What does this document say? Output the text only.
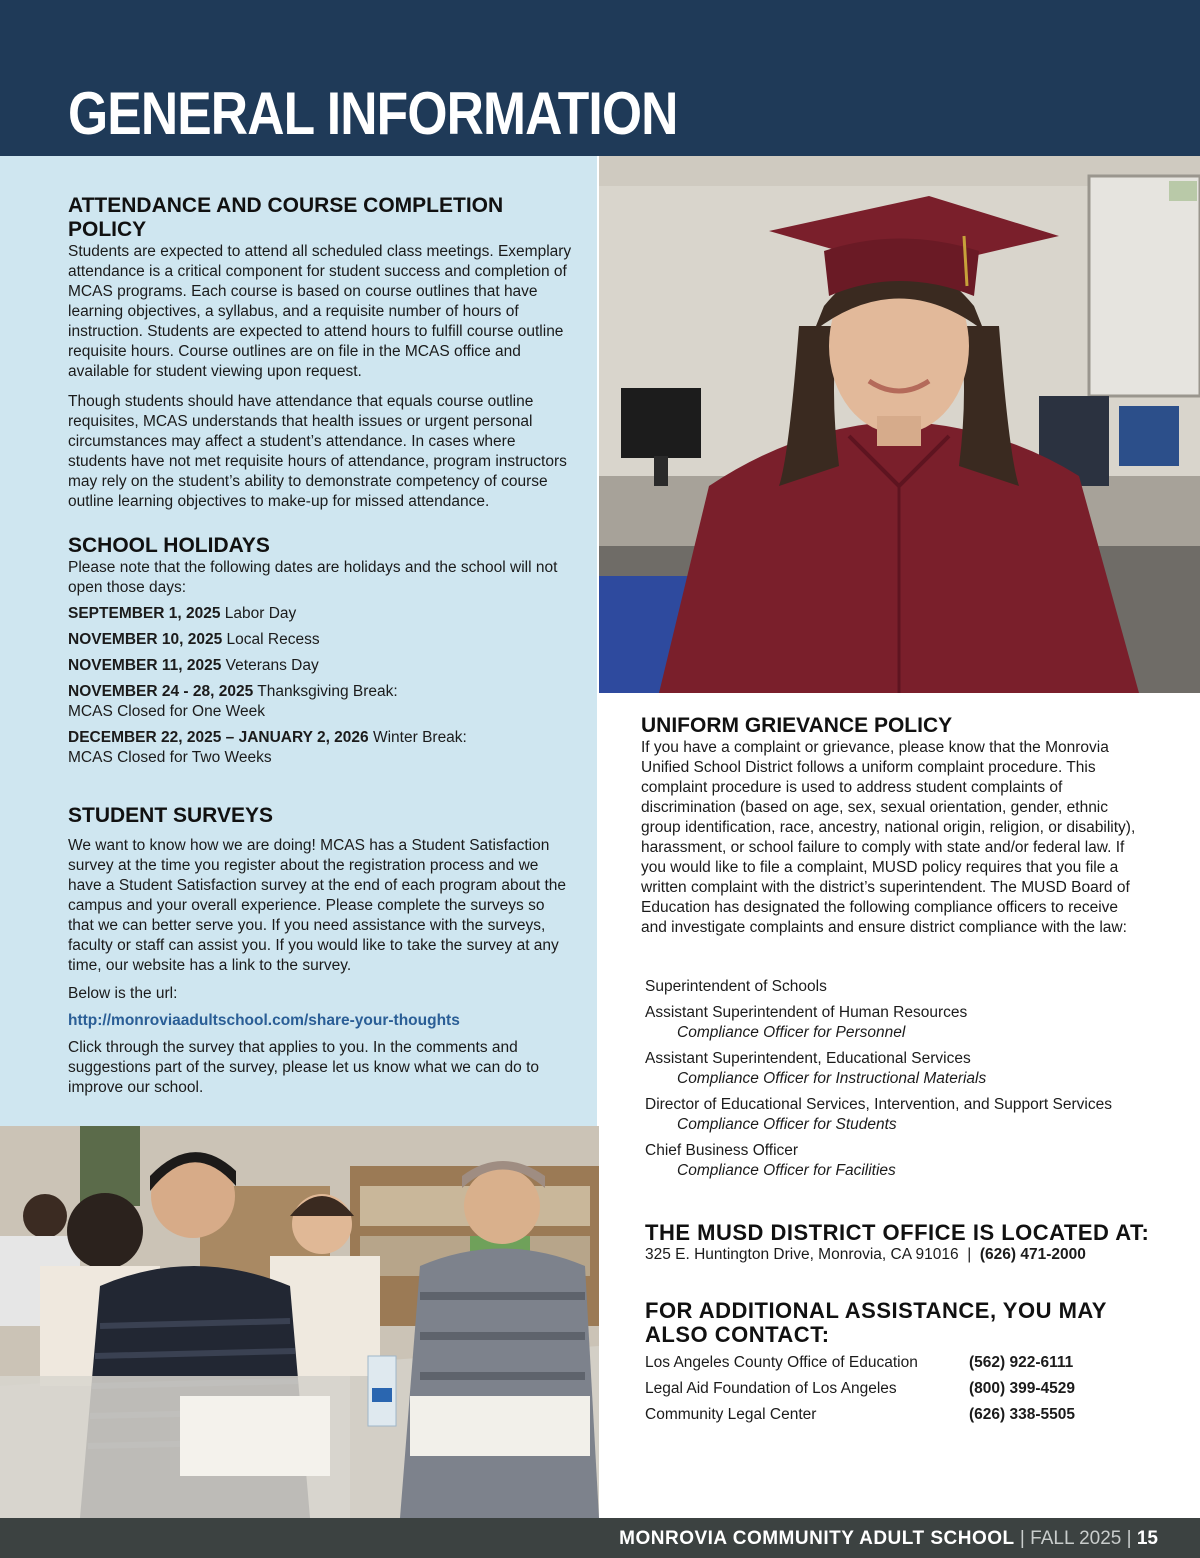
GENERAL INFORMATION
ATTENDANCE AND COURSE COMPLETION POLICY

Students are expected to attend all scheduled class meetings. Exemplary attendance is a critical component for student success and completion of MCAS programs. Each course is based on course outlines that have learning objectives, a syllabus, and a requisite number of hours of instruction. Students are expected to attend hours to fulfill course outline requisite hours. Course outlines are on file in the MCAS office and available for student viewing upon request.

Though students should have attendance that equals course outline requisites, MCAS understands that health issues or urgent personal circumstances may affect a student’s attendance. In cases where students have not met requisite hours of attendance, program instructors may rely on the student’s ability to demonstrate competency of course outline learning objectives to make-up for missed attendance.

SCHOOL HOLIDAYS

Please note that the following dates are holidays and the school will not open those days:

SEPTEMBER 1, 2025 Labor Day
NOVEMBER 10, 2025 Local Recess
NOVEMBER 11, 2025 Veterans Day
NOVEMBER 24 - 28, 2025 Thanksgiving Break:
MCAS Closed for One Week
DECEMBER 22, 2025 – JANUARY 2, 2026 Winter Break:
MCAS Closed for Two Weeks
STUDENT SURVEYS

We want to know how we are doing! MCAS has a Student Satisfaction survey at the time you register about the registration process and we have a Student Satisfaction survey at the end of each program about the campus and your overall experience. Please complete the surveys so that we can better serve you. If you need assistance with the surveys, faculty or staff can assist you. If you would like to take the survey at any time, our website has a link to the survey.

Below is the url:

http://monroviaadultschool.com/share-your-thoughts

Click through the survey that applies to you. In the comments and suggestions part of the survey, please let us know what we can do to improve our school.

UNIFORM GRIEVANCE POLICY

If you have a complaint or grievance, please know that the Monrovia Unified School District follows a uniform complaint procedure. This complaint procedure is used to address student complaints of discrimination (based on age, sex, sexual orientation, gender, ethnic group identification, race, ancestry, national origin, religion, or disability), harassment, or school failure to comply with state and/or federal law. If you would like to file a complaint, MUSD policy requires that you file a written complaint with the district’s superintendent. The MUSD Board of Education has designated the following compliance officers to receive and investigate complaints and ensure district compliance with the law:

Superintendent of Schools
Assistant Superintendent of Human Resources
Compliance Officer for Personnel
Assistant Superintendent, Educational Services
Compliance Officer for Instructional Materials
Director of Educational Services, Intervention, and Support Services
Compliance Officer for Students
Chief Business Officer
Compliance Officer for Facilities
THE MUSD DISTRICT OFFICE IS LOCATED AT:
325 E. Huntington Drive, Monrovia, CA 91016  |  (626) 471-2000
FOR ADDITIONAL ASSISTANCE, YOU MAY
ALSO CONTACT:
Los Angeles County Office of Education	(562) 922-6111
Legal Aid Foundation of Los Angeles	(800) 399-4529
Community Legal Center	(626) 338-5505
MONROVIA COMMUNITY ADULT SCHOOL | FALL 2025 | 15
